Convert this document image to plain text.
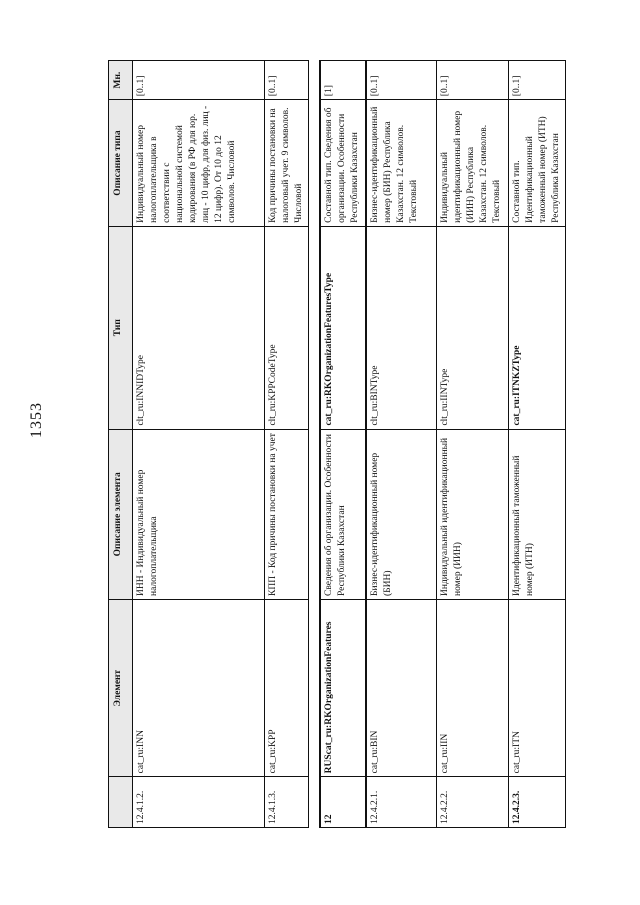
1353
	Элемент	Описание элемента	Тип	Описание типа	Мн.
12.4.1.2.	cat_ru:INN	ИНН - Индивидуальный номер налогоплательщика	clt_ru:INNIDType	Индивидуальный номер налогоплательщика в соответствии с национальной системой кодирования (в РФ для юр. лиц - 10 цифр, для физ. лиц - 12 цифр). От 10 до 12 символов. Числовой	[0..1]
12.4.1.3.	cat_ru:KPP	КПП - Код причины постановки на учет	clt_ru:KPPCodeType	Код причины постановки на налоговый учет. 9 символов. Числовой	[0..1]

12	RUScat_ru:RKOrganizationFeatures	Сведения об организации. Особенности Республики Казахстан	cat_ru:RKOrganizationFeaturesType	Составной тип. Сведения об организации. Особенности Республики Казахстан	[1]
12.4.2.1.	cat_ru:BIN	Бизнес-идентификационный номер (БИН)	clt_ru:BINType	Бизнес-идентификационный номер (БИН) Республика Казахстан. 12 символов. Текстовый	[0..1]
12.4.2.2.	cat_ru:IIN	Индивидуальный идентификационный номер (ИИН)	clt_ru:IINType	Индивидуальный идентификационный номер (ИИН) Республика Казахстан. 12 символов. Текстовый	[0..1]
12.4.2.3.	cat_ru:ITN	Идентификационный таможенный номер (ИТН)	cat_ru:ITNKZType	Составной тип. Идентификационный таможенный номер (ИТН) Республика Казахстан	[0..1]
